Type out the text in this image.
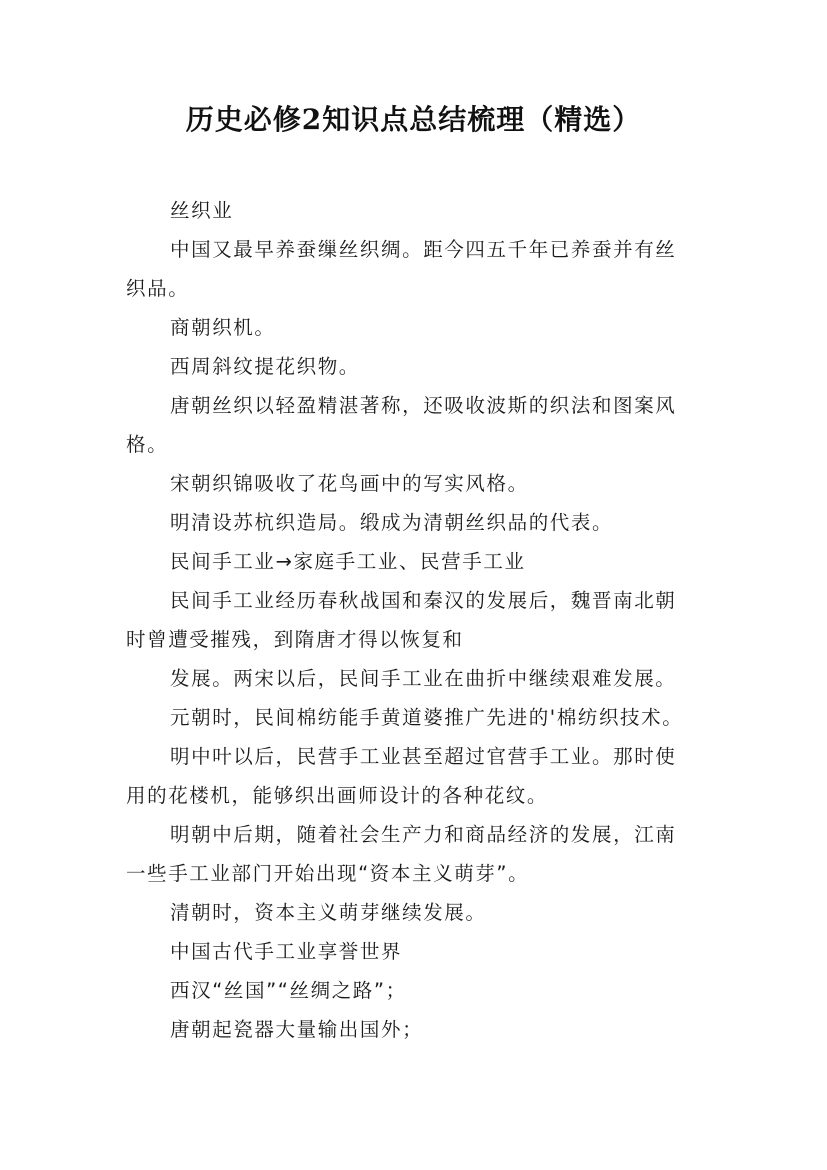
历史必修2知识点总结梳理（精选）
丝织业
中国又最早养蚕缫丝织绸。距今四五千年已养蚕并有丝
织品。
商朝织机。
西周斜纹提花织物。
唐朝丝织以轻盈精湛著称，还吸收波斯的织法和图案风
格。
宋朝织锦吸收了花鸟画中的写实风格。
明清设苏杭织造局。缎成为清朝丝织品的代表。
民间手工业→家庭手工业、民营手工业
民间手工业经历春秋战国和秦汉的发展后，魏晋南北朝
时曾遭受摧残，到隋唐才得以恢复和
发展。两宋以后，民间手工业在曲折中继续艰难发展。
元朝时，民间棉纺能手黄道婆推广先进的'棉纺织技术。
明中叶以后，民营手工业甚至超过官营手工业。那时使
用的花楼机，能够织出画师设计的各种花纹。
明朝中后期，随着社会生产力和商品经济的发展，江南
一些手工业部门开始出现“资本主义萌芽”。
清朝时，资本主义萌芽继续发展。
中国古代手工业享誉世界
西汉“丝国”“丝绸之路”；
唐朝起瓷器大量输出国外；
